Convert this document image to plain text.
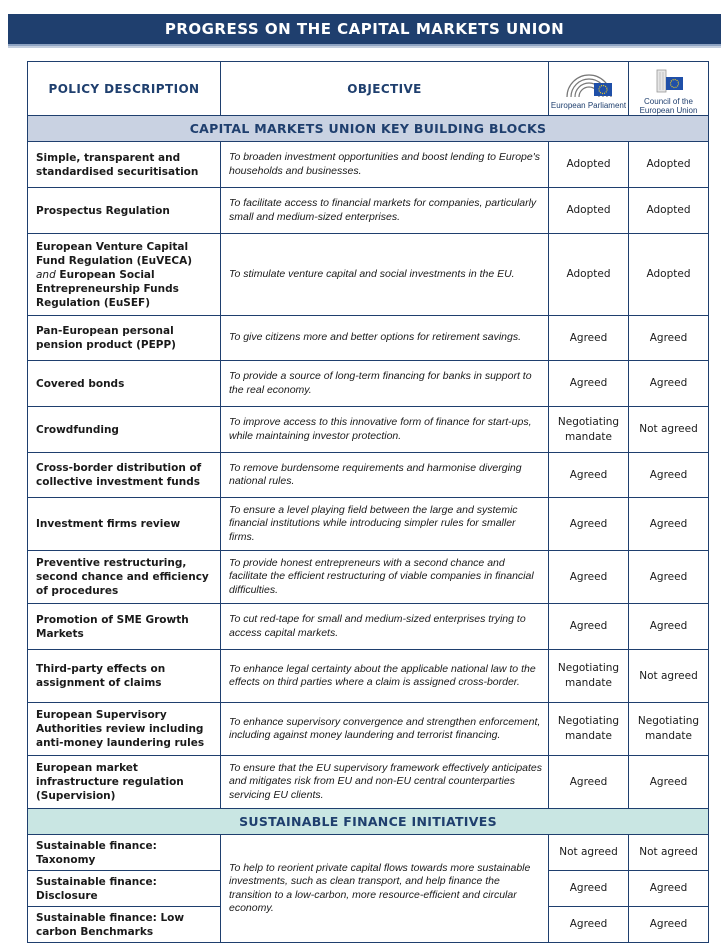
PROGRESS ON THE CAPITAL MARKETS UNION
POLICY DESCRIPTION	OBJECTIVE	European Parliament	Council of the European Union

CAPITAL MARKETS UNION KEY BUILDING BLOCKS			
Simple, transparent and standardised securitisation	To broaden investment opportunities and boost lending to Europe's households and businesses.	Adopted	Adopted
Prospectus Regulation	To facilitate access to financial markets for companies, particularly small and medium-sized enterprises.	Adopted	Adopted
European Venture Capital Fund Regulation (EuVECA) and European Social Entrepreneurship Funds Regulation (EuSEF)	To stimulate venture capital and social investments in the EU.	Adopted	Adopted
Pan-European personal pension product (PEPP)	To give citizens more and better options for retirement savings.	Agreed	Agreed
Covered bonds	To provide a source of long-term financing for banks in support to the real economy.	Agreed	Agreed
Crowdfunding	To improve access to this innovative form of finance for start-ups, while maintaining investor protection.	Negotiating mandate	Not agreed
Cross-border distribution of collective investment funds	To remove burdensome requirements and harmonise diverging national rules.	Agreed	Agreed
Investment firms review	To ensure a level playing field between the large and systemic financial institutions while introducing simpler rules for smaller firms.	Agreed	Agreed
Preventive restructuring, second chance and efficiency of procedures	To provide honest entrepreneurs with a second chance and facilitate the efficient restructuring of viable companies in financial difficulties.	Agreed	Agreed
Promotion of SME Growth Markets	To cut red-tape for small and medium-sized enterprises trying to access capital markets.	Agreed	Agreed
Third-party effects on assignment of claims	To enhance legal certainty about the applicable national law to the effects on third parties where a claim is assigned cross-border.	Negotiating mandate	Not agreed
European Supervisory Authorities review including anti-money laundering rules	To enhance supervisory convergence and strengthen enforcement, including against money laundering and terrorist financing.	Negotiating mandate	Negotiating mandate
European market infrastructure regulation (Supervision)	To ensure that the EU supervisory framework effectively anticipates and mitigates risk from EU and non-EU central counterparties servicing EU clients.	Agreed	Agreed
SUSTAINABLE FINANCE INITIATIVES			
Sustainable finance: Taxonomy	To help to reorient private capital flows towards more sustainable investments, such as clean transport, and help finance the transition to a low-carbon, more resource-efficient and circular economy.	Not agreed	Not agreed
Sustainable finance: Disclosure		Agreed	Agreed
Sustainable finance: Low carbon Benchmarks		Agreed	Agreed
